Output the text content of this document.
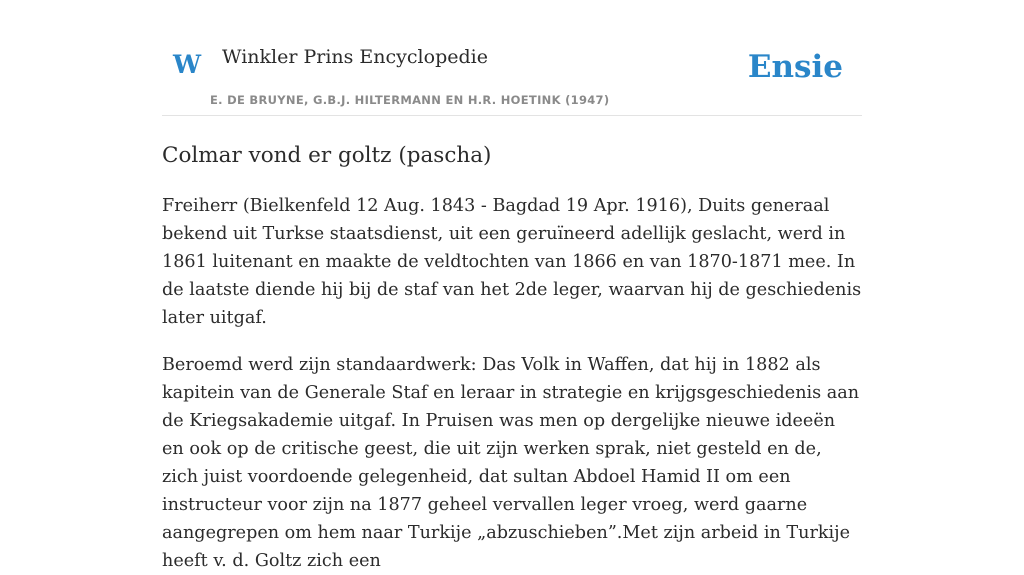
W Winkler Prins Encyclopedie
E. DE BRUYNE, G.B.J. HILTERMANN EN H.R. HOETINK (1947)
Ensie
Colmar vond er goltz (pascha)

Freiherr (Bielkenfeld 12 Aug. 1843 - Bagdad 19 Apr. 1916), Duits generaal bekend uit Turkse staatsdienst, uit een geruïneerd adellijk geslacht, werd in 1861 luitenant en maakte de veldtochten van 1866 en van 1870-1871 mee. In de laatste diende hij bij de staf van het 2de leger, waarvan hij de geschiedenis later uitgaf.

Beroemd werd zijn standaardwerk: Das Volk in Waffen, dat hij in 1882 als kapitein van de Generale Staf en leraar in strategie en krijgsgeschiedenis aan de Kriegsakademie uitgaf. In Pruisen was men op dergelijke nieuwe ideeën en ook op de critische geest, die uit zijn werken sprak, niet gesteld en de, zich juist voordoende gelegenheid, dat sultan Abdoel Hamid II om een instructeur voor zijn na 1877 geheel vervallen leger vroeg, werd gaarne aangegrepen om hem naar Turkije „abzuschieben”.Met zijn arbeid in Turkije heeft v. d. Goltz zich een
